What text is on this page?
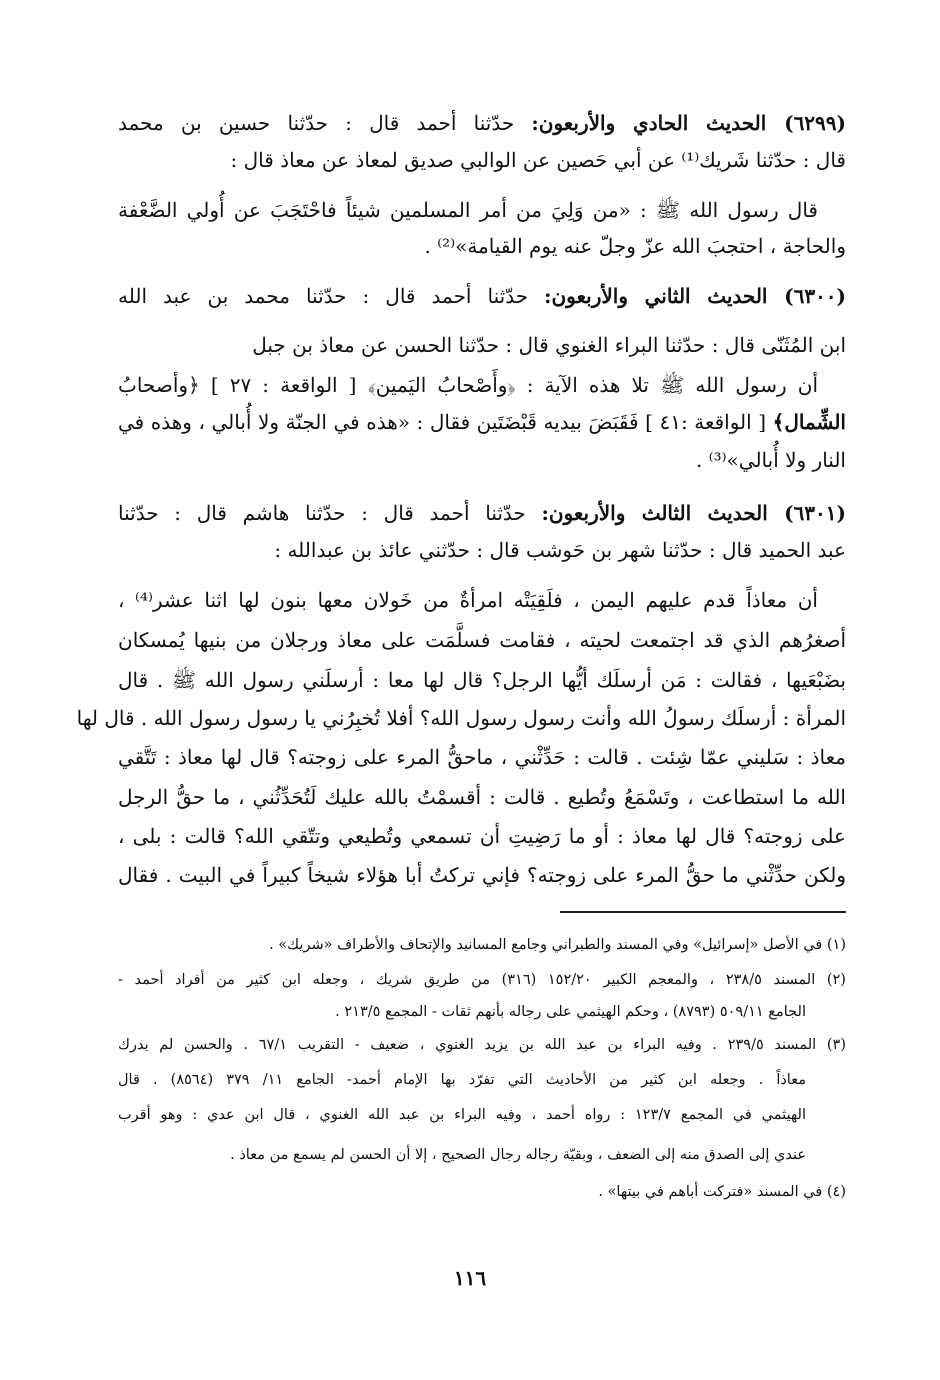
(٦٢٩٩) الحديث الحادي والأربعون: حدّثنا أحمد قال : حدّثنا حسين بن محمد
قال : حدّثنا شَريك⁽¹⁾ عن أبي حَصين عن الوالبي صديق لمعاذ عن معاذ قال :
قال رسول الله ﷺ : «من وَلِيَ من أمر المسلمين شيئاً فاحْتَجَبَ عن أُولي الضَّعْفة
والحاجة ، احتجبَ الله عزّ وجلّ عنه يوم القيامة»⁽²⁾ .
(٦٣٠٠) الحديث الثاني والأربعون: حدّثنا أحمد قال : حدّثنا محمد بن عبد الله
ابن المُثَنّى قال : حدّثنا البراء الغنوي قال : حدّثنا الحسن عن معاذ بن جبل
أن رسول الله ﷺ تلا هذه الآية : ﴿وأَصْحابُ اليَمين﴾ [ الواقعة : ٢٧ ] ﴿وأصحابُ
الشِّمال﴾ [ الواقعة :٤١ ] فَقَبَضَ بيديه قَبْضَتَين فقال : «هذه في الجنّة ولا أُبالي ، وهذه في
النار ولا أُبالي»⁽³⁾ .
(٦٣٠١) الحديث الثالث والأربعون: حدّثنا أحمد قال : حدّثنا هاشم قال : حدّثنا
عبد الحميد قال : حدّثنا شهر بن حَوشب قال : حدّثني عائذ بن عبدالله :
أن معاذاً قدم عليهم اليمن ، فلَقِيَتْه امرأةٌ من خَولان معها بنون لها اثنا عشر⁽⁴⁾ ،
أصغرُهم الذي قد اجتمعت لحيته ، فقامت فسلَّمَت على معاذ ورجلان من بنيها يُمسكان
بضَبْعَيها ، فقالت : مَن أرسلَك أيُّها الرجل؟ قال لها معا : أرسلَني رسول الله ﷺ . قال
المرأة : أرسلَك رسولُ الله وأنت رسول رسول الله؟ أفلا تُخبِرُني يا رسول رسول الله . قال لها
معاذ : سَليني عمّا شِئت . قالت : حَدِّثْني ، ماحقُّ المرء على زوجته؟ قال لها معاذ : تَتَّقي
الله ما استطاعت ، وتَسْمَعُ وتُطيع . قالت : أقسمْتُ بالله عليك لَتُحَدِّثُني ، ما حقُّ الرجل
على زوجته؟ قال لها معاذ : أو ما رَضِيتِ أن تسمعي وتُطيعي وتتّقي الله؟ قالت : بلى ،
ولكن حدِّثْني ما حقُّ المرء على زوجته؟ فإني تركتُ أبا هؤلاء شيخاً كبيراً في البيت . فقال
(١) في الأصل «إسرائيل» وفي المسند والطبراني وجامع المسانيد والإتحاف والأطراف «شريك» .
(٢) المسند ٢٣٨/٥ ، والمعجم الكبير ١٥٢/٢٠ (٣١٦) من طريق شريك ، وجعله ابن كثير من أفراد أحمد -
الجامع ٥٠٩/١١ (٨٧٩٣) ، وحكم الهيثمي على رجاله بأنهم ثقات - المجمع ٢١٣/٥ .
(٣) المسند ٢٣٩/٥ . وفيه البراء بن عبد الله بن يزيد الغنوي ، ضعيف - التقريب ٦٧/١ . والحسن لم يدرك
معاذاً . وجعله ابن كثير من الأحاديث التي تفرّد بها الإمام أحمد- الجامع ١١/ ٣٧٩ (٨٥٦٤) . قال
الهيثمي في المجمع ١٢٣/٧ : رواه أحمد ، وفيه البراء بن عبد الله الغنوي ، قال ابن عدي : وهو أقرب
عندي إلى الصدق منه إلى الضعف ، وبقيّة رجاله رجال الصحيح ، إلا أن الحسن لم يسمع من معاذ .
(٤) في المسند «فتركت أباهم في بيتها» .
١١٦
